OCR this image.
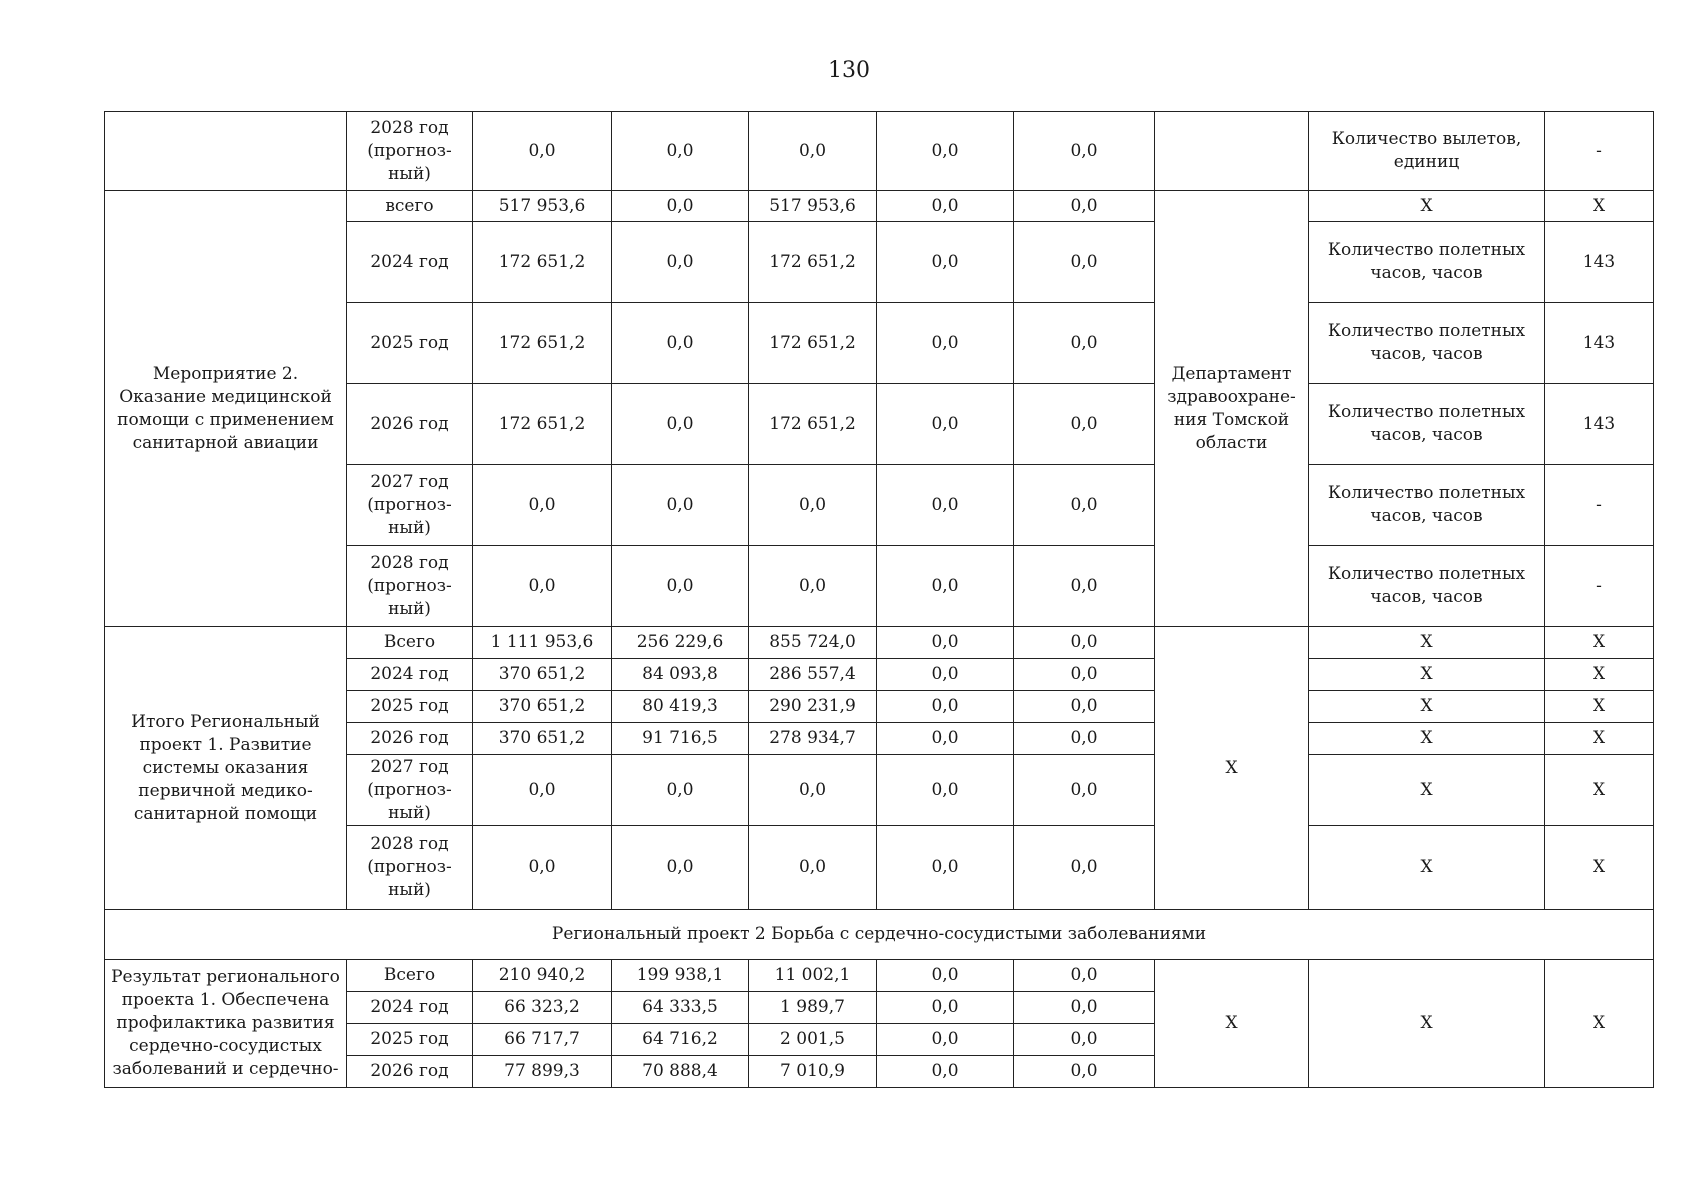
130
	2028 год (прогноз-ный)	0,0	0,0	0,0	0,0	0,0		Количество вылетов, единиц	-
Мероприятие 2. Оказание медицинской помощи с применением санитарной авиации	всего	517 953,6	0,0	517 953,6	0,0	0,0	Департамент здравоохране-ния Томской области	Х	Х
	2024 год	172 651,2	0,0	172 651,2	0,0	0,0		Количество полетных часов, часов	143
	2025 год	172 651,2	0,0	172 651,2	0,0	0,0		Количество полетных часов, часов	143
	2026 год	172 651,2	0,0	172 651,2	0,0	0,0		Количество полетных часов, часов	143
	2027 год (прогноз-ный)	0,0	0,0	0,0	0,0	0,0		Количество полетных часов, часов	-
	2028 год (прогноз-ный)	0,0	0,0	0,0	0,0	0,0		Количество полетных часов, часов	-
Итого Региональный проект 1. Развитие системы оказания первичной медико-санитарной помощи	Всего	1 111 953,6	256 229,6	855 724,0	0,0	0,0	Х	Х	Х
	2024 год	370 651,2	84 093,8	286 557,4	0,0	0,0		Х	Х
	2025 год	370 651,2	80 419,3	290 231,9	0,0	0,0		Х	Х
	2026 год	370 651,2	91 716,5	278 934,7	0,0	0,0		Х	Х
	2027 год (прогноз-ный)	0,0	0,0	0,0	0,0	0,0		Х	Х
	2028 год (прогноз-ный)	0,0	0,0	0,0	0,0	0,0		Х	Х
Региональный проект 2 Борьба с сердечно-сосудистыми заболеваниями									
Результат регионального проекта 1. Обеспечена профилактика развития сердечно-сосудистых заболеваний и сердечно-	Всего	210 940,2	199 938,1	11 002,1	0,0	0,0	Х	Х	Х
	2024 год	66 323,2	64 333,5	1 989,7	0,0	0,0			
	2025 год	66 717,7	64 716,2	2 001,5	0,0	0,0			
	2026 год	77 899,3	70 888,4	7 010,9	0,0	0,0			
